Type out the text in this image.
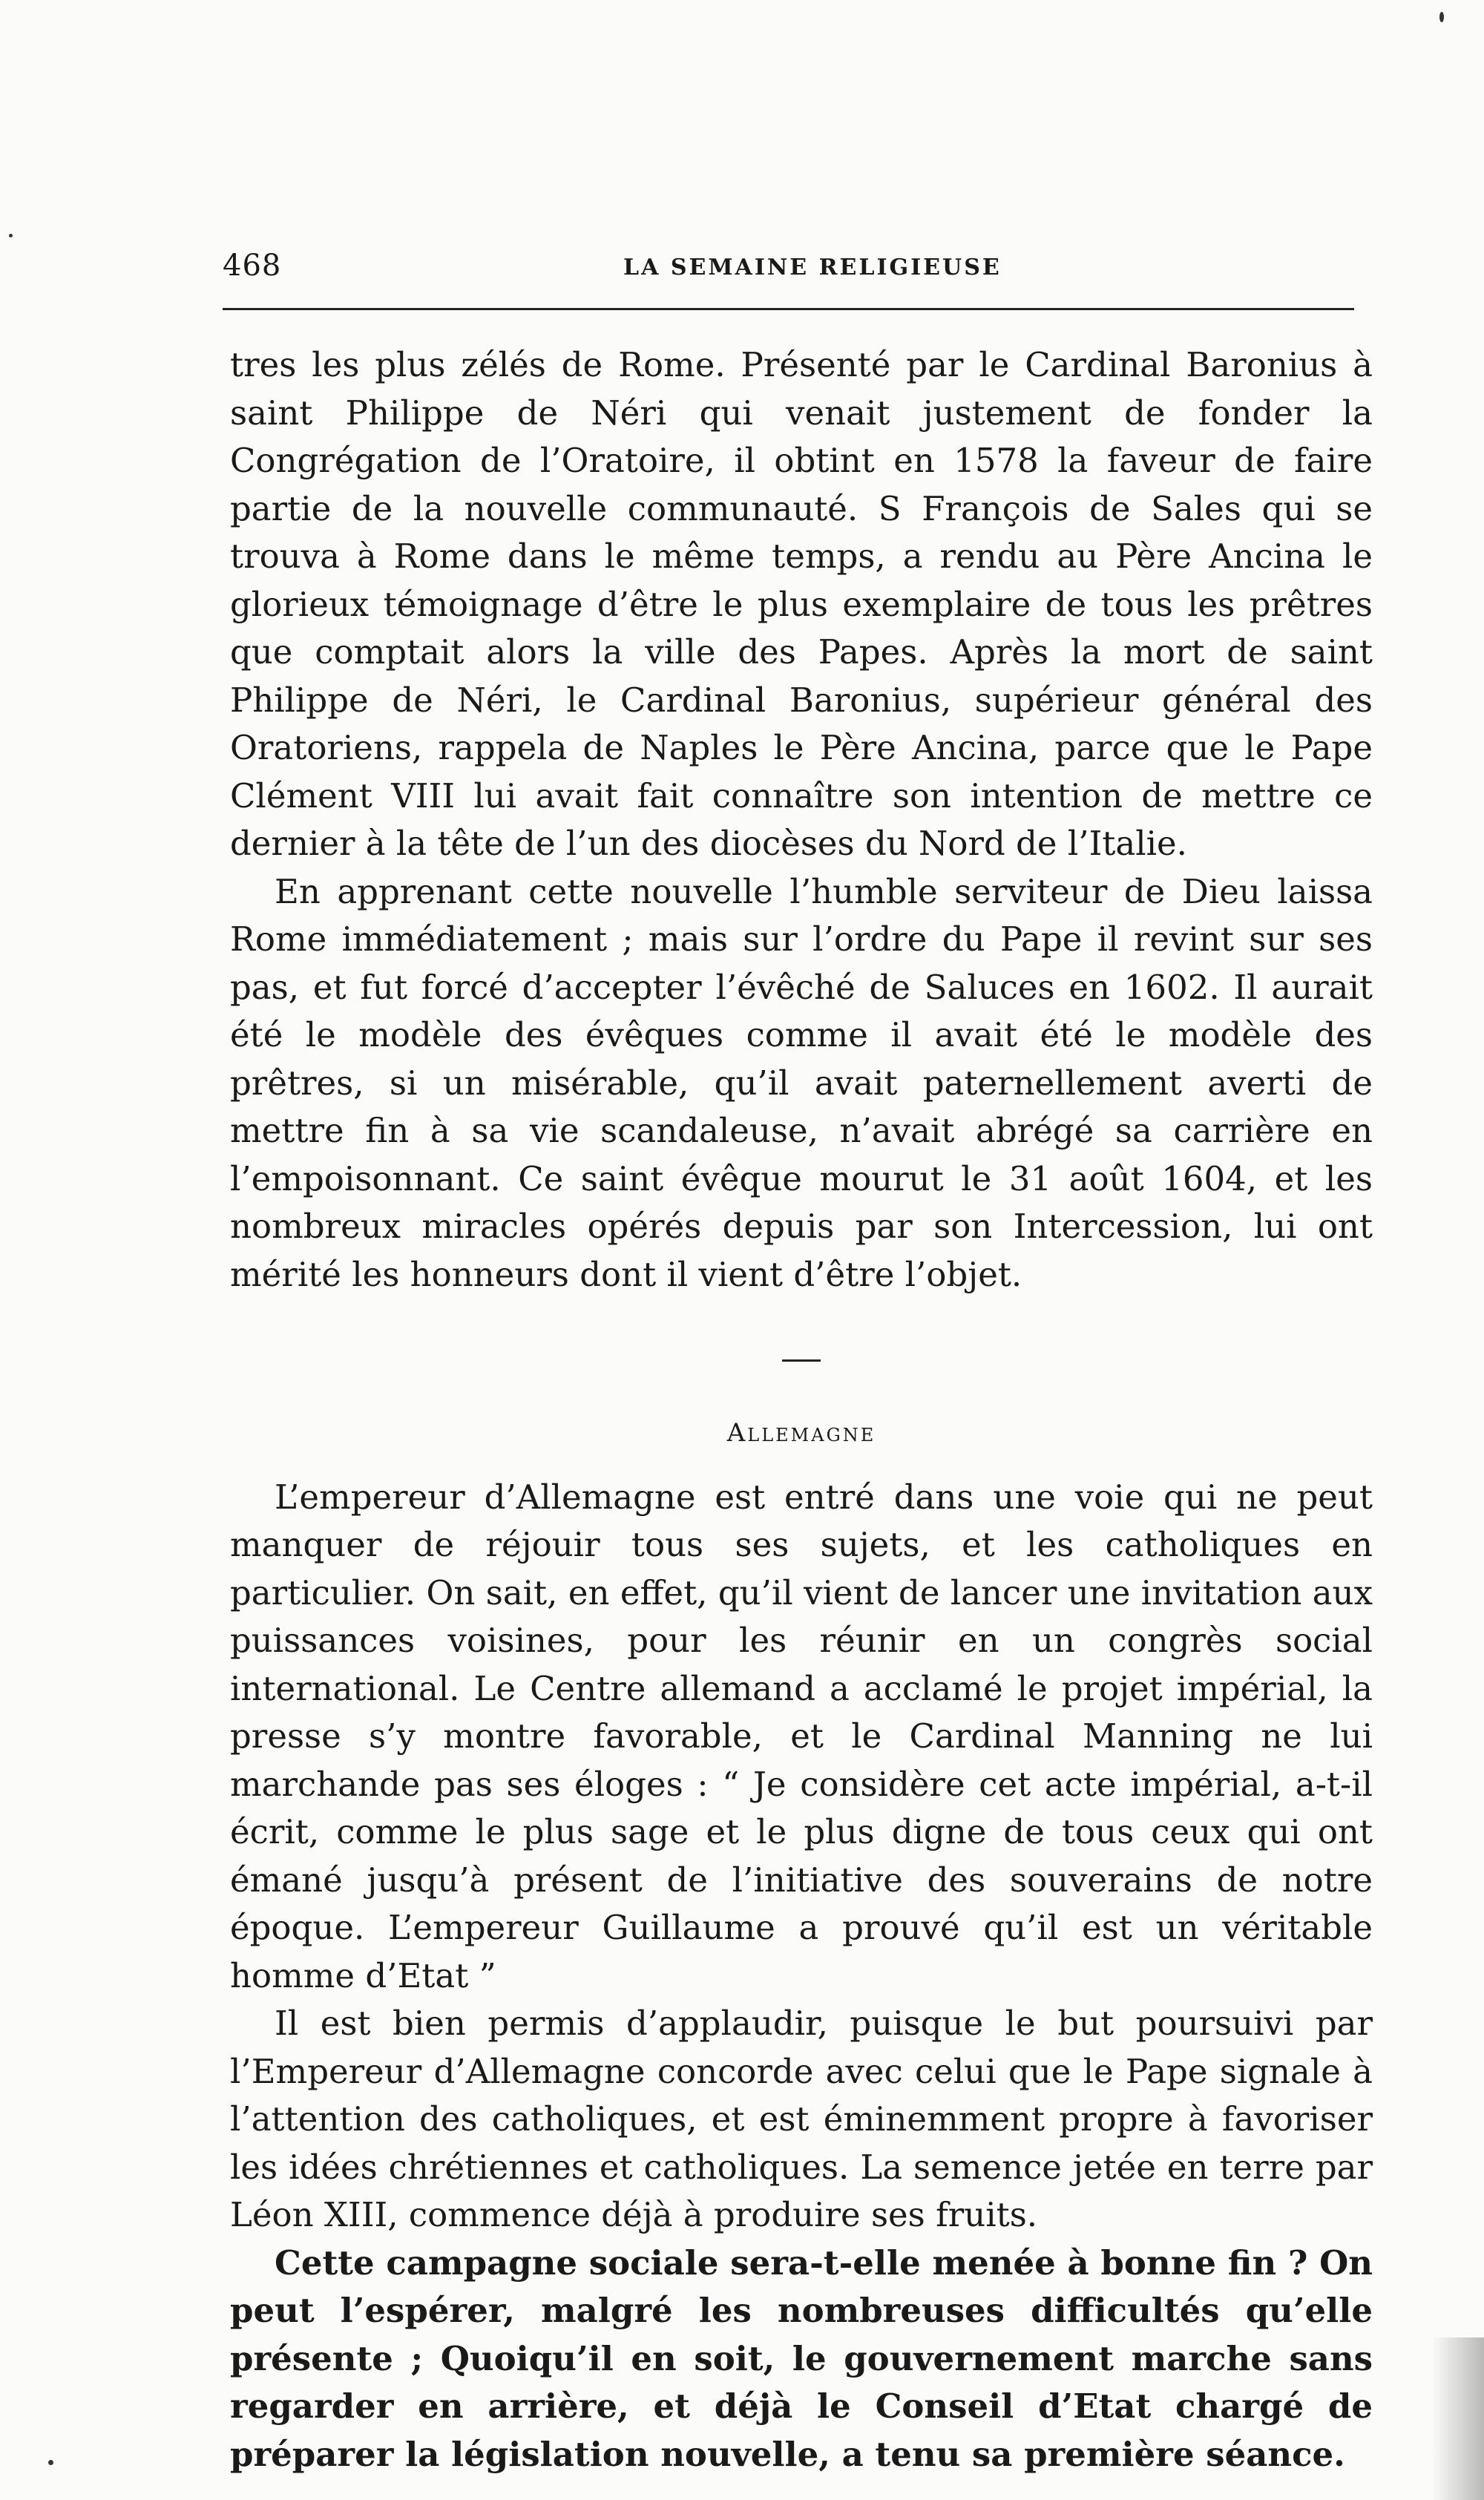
468	LA SEMAINE RELIGIEUSE

tres les plus zélés de Rome. Présenté par le Cardinal Baronius à saint Philippe de Néri qui venait justement de fonder la Congrégation de l’Oratoire, il obtint en 1578 la faveur de faire partie de la nouvelle communauté. S François de Sales qui se trouva à Rome dans le même temps, a rendu au Père Ancina le glorieux témoignage d’être le plus exemplaire de tous les prêtres que comptait alors la ville des Papes. Après la mort de saint Philippe de Néri, le Cardinal Baronius, supérieur général des Oratoriens, rappela de Naples le Père Ancina, parce que le Pape Clément VIII lui avait fait connaître son intention de mettre ce dernier à la tête de l’un des diocèses du Nord de l’Italie.

En apprenant cette nouvelle l’humble serviteur de Dieu laissa Rome immédiatement ; mais sur l’ordre du Pape il revint sur ses pas, et fut forcé d’accepter l’évêché de Saluces en 1602. Il aurait été le modèle des évêques comme il avait été le modèle des prêtres, si un misérable, qu’il avait paternellement averti de mettre fin à sa vie scandaleuse, n’avait abrégé sa carrière en l’empoisonnant. Ce saint évêque mourut le 31 août 1604, et les nombreux miracles opérés depuis par son Intercession, lui ont mérité les honneurs dont il vient d’être l’objet.

Allemagne

L’empereur d’Allemagne est entré dans une voie qui ne peut manquer de réjouir tous ses sujets, et les catholiques en particulier. On sait, en effet, qu’il vient de lancer une invitation aux puissances voisines, pour les réunir en un congrès social international. Le Centre allemand a acclamé le projet impérial, la presse s’y montre favorable, et le Cardinal Manning ne lui marchande pas ses éloges : “ Je considère cet acte impérial, a-t-il écrit, comme le plus sage et le plus digne de tous ceux qui ont émané jusqu’à présent de l’initiative des souverains de notre époque. L’empereur Guillaume a prouvé qu’il est un véritable homme d’Etat ”

Il est bien permis d’applaudir, puisque le but poursuivi par l’Empereur d’Allemagne concorde avec celui que le Pape signale à l’attention des catholiques, et est éminemment propre à favoriser les idées chrétiennes et catholiques. La semence jetée en terre par Léon XIII, commence déjà à produire ses fruits.

Cette campagne sociale sera-t-elle menée à bonne fin ? On peut l’espérer, malgré les nombreuses difficultés qu’elle présente ; Quoiqu’il en soit, le gouvernement marche sans regarder en arrière, et déjà le Conseil d’Etat chargé de préparer la législation nouvelle, a tenu sa première séance.
